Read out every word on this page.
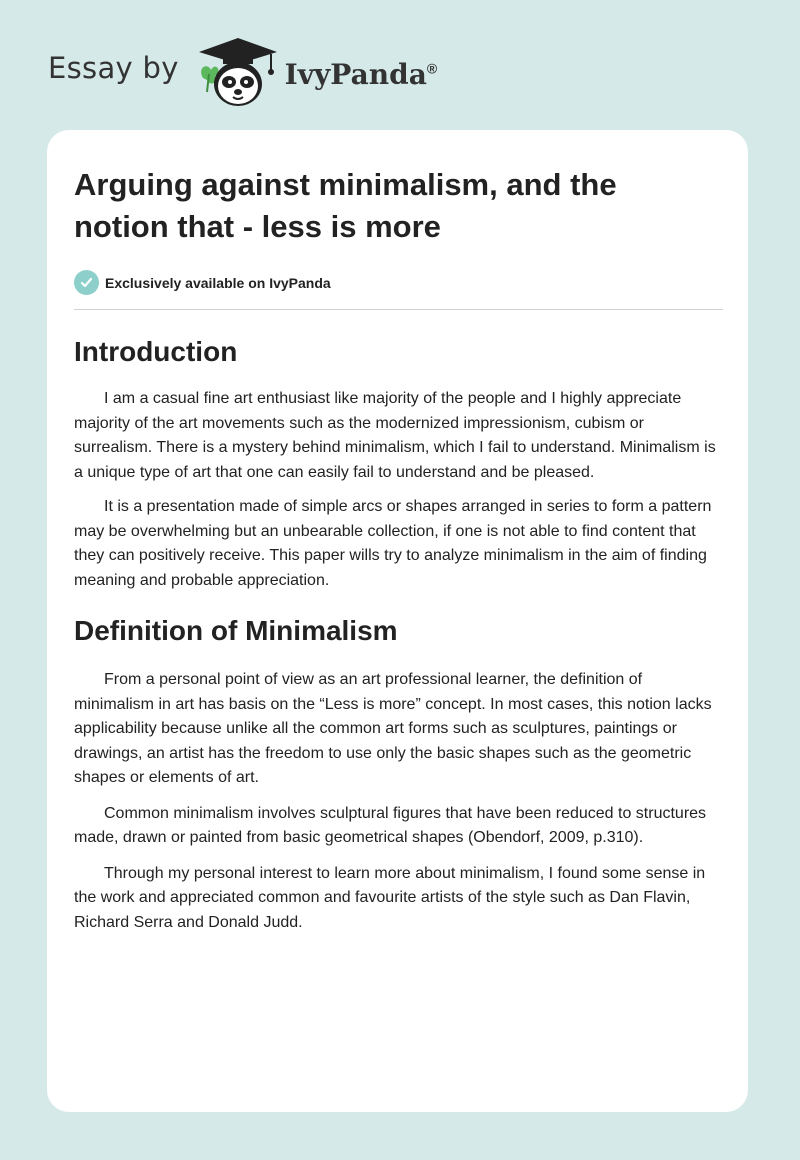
Essay by	IvyPanda®
Arguing against minimalism, and the notion that - less is more
Exclusively available on IvyPanda
Introduction

I am a casual fine art enthusiast like majority of the people and I highly appreciate majority of the art movements such as the modernized impressionism, cubism or surrealism. There is a mystery behind minimalism, which I fail to understand. Minimalism is a unique type of art that one can easily fail to understand and be pleased.

It is a presentation made of simple arcs or shapes arranged in series to form a pattern may be overwhelming but an unbearable collection, if one is not able to find content that they can positively receive. This paper wills try to analyze minimalism in the aim of finding meaning and probable appreciation.

Definition of Minimalism

From a personal point of view as an art professional learner, the definition of minimalism in art has basis on the “Less is more” concept. In most cases, this notion lacks applicability because unlike all the common art forms such as sculptures, paintings or drawings, an artist has the freedom to use only the basic shapes such as the geometric shapes or elements of art.

Common minimalism involves sculptural figures that have been reduced to structures made, drawn or painted from basic geometrical shapes (Obendorf, 2009, p.310).

Through my personal interest to learn more about minimalism, I found some sense in the work and appreciated common and favourite artists of the style such as Dan Flavin, Richard Serra and Donald Judd.
